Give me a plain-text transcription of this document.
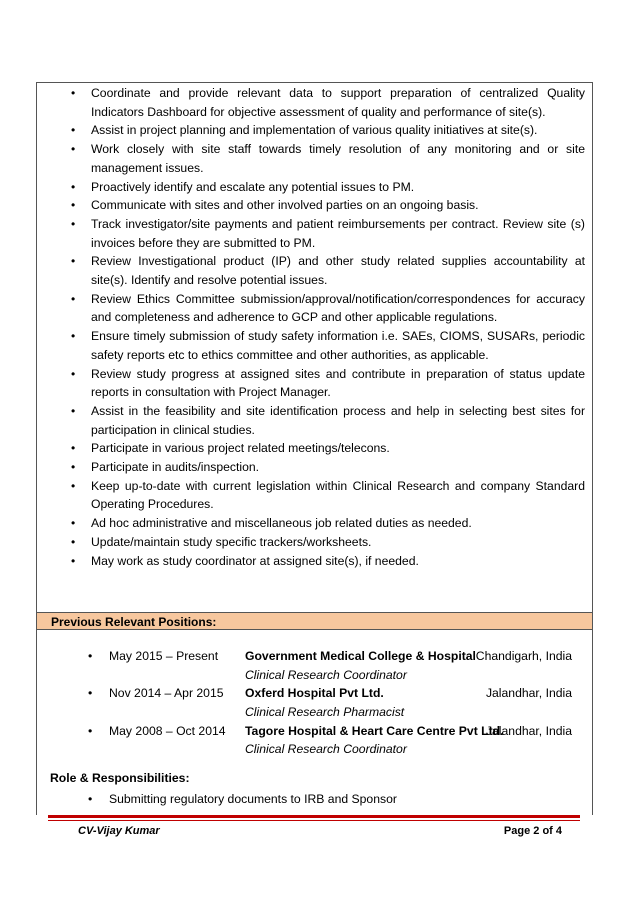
• Coordinate and provide relevant data to support preparation of centralized Quality Indicators Dashboard for objective assessment of quality and performance of site(s).
• Assist in project planning and implementation of various quality initiatives at site(s).
• Work closely with site staff towards timely resolution of any monitoring and or site management issues.
• Proactively identify and escalate any potential issues to PM.
• Communicate with sites and other involved parties on an ongoing basis.
• Track investigator/site payments and patient reimbursements per contract. Review site (s) invoices before they are submitted to PM.
• Review Investigational product (IP) and other study related supplies accountability at site(s). Identify and resolve potential issues.
• Review Ethics Committee submission/approval/notification/correspondences for accuracy and completeness and adherence to GCP and other applicable regulations.
• Ensure timely submission of study safety information i.e. SAEs, CIOMS, SUSARs, periodic safety reports etc to ethics committee and other authorities, as applicable.
• Review study progress at assigned sites and contribute in preparation of status update reports in consultation with Project Manager.
• Assist in the feasibility and site identification process and help in selecting best sites for participation in clinical studies.
• Participate in various project related meetings/telecons.
• Participate in audits/inspection.
• Keep up-to-date with current legislation within Clinical Research and company Standard Operating Procedures.
• Ad hoc administrative and miscellaneous job related duties as needed.
• Update/maintain study specific trackers/worksheets.
• May work as study coordinator at assigned site(s), if needed.
Previous Relevant Positions:
• May 2015 – Present Government Medical College & Hospital Chandigarh, India
Clinical Research Coordinator
• Nov 2014 – Apr 2015 Oxferd Hospital Pvt Ltd.	Jalandhar, India
Clinical Research Pharmacist
• May 2008 – Oct 2014 Tagore Hospital & Heart Care Centre Pvt Ltd.
Jalandhar, India
Clinical Research Coordinator
Role & Responsibilities:
• Submitting regulatory documents to IRB and Sponsor
CV-Vijay Kumar	Page 2 of 4
